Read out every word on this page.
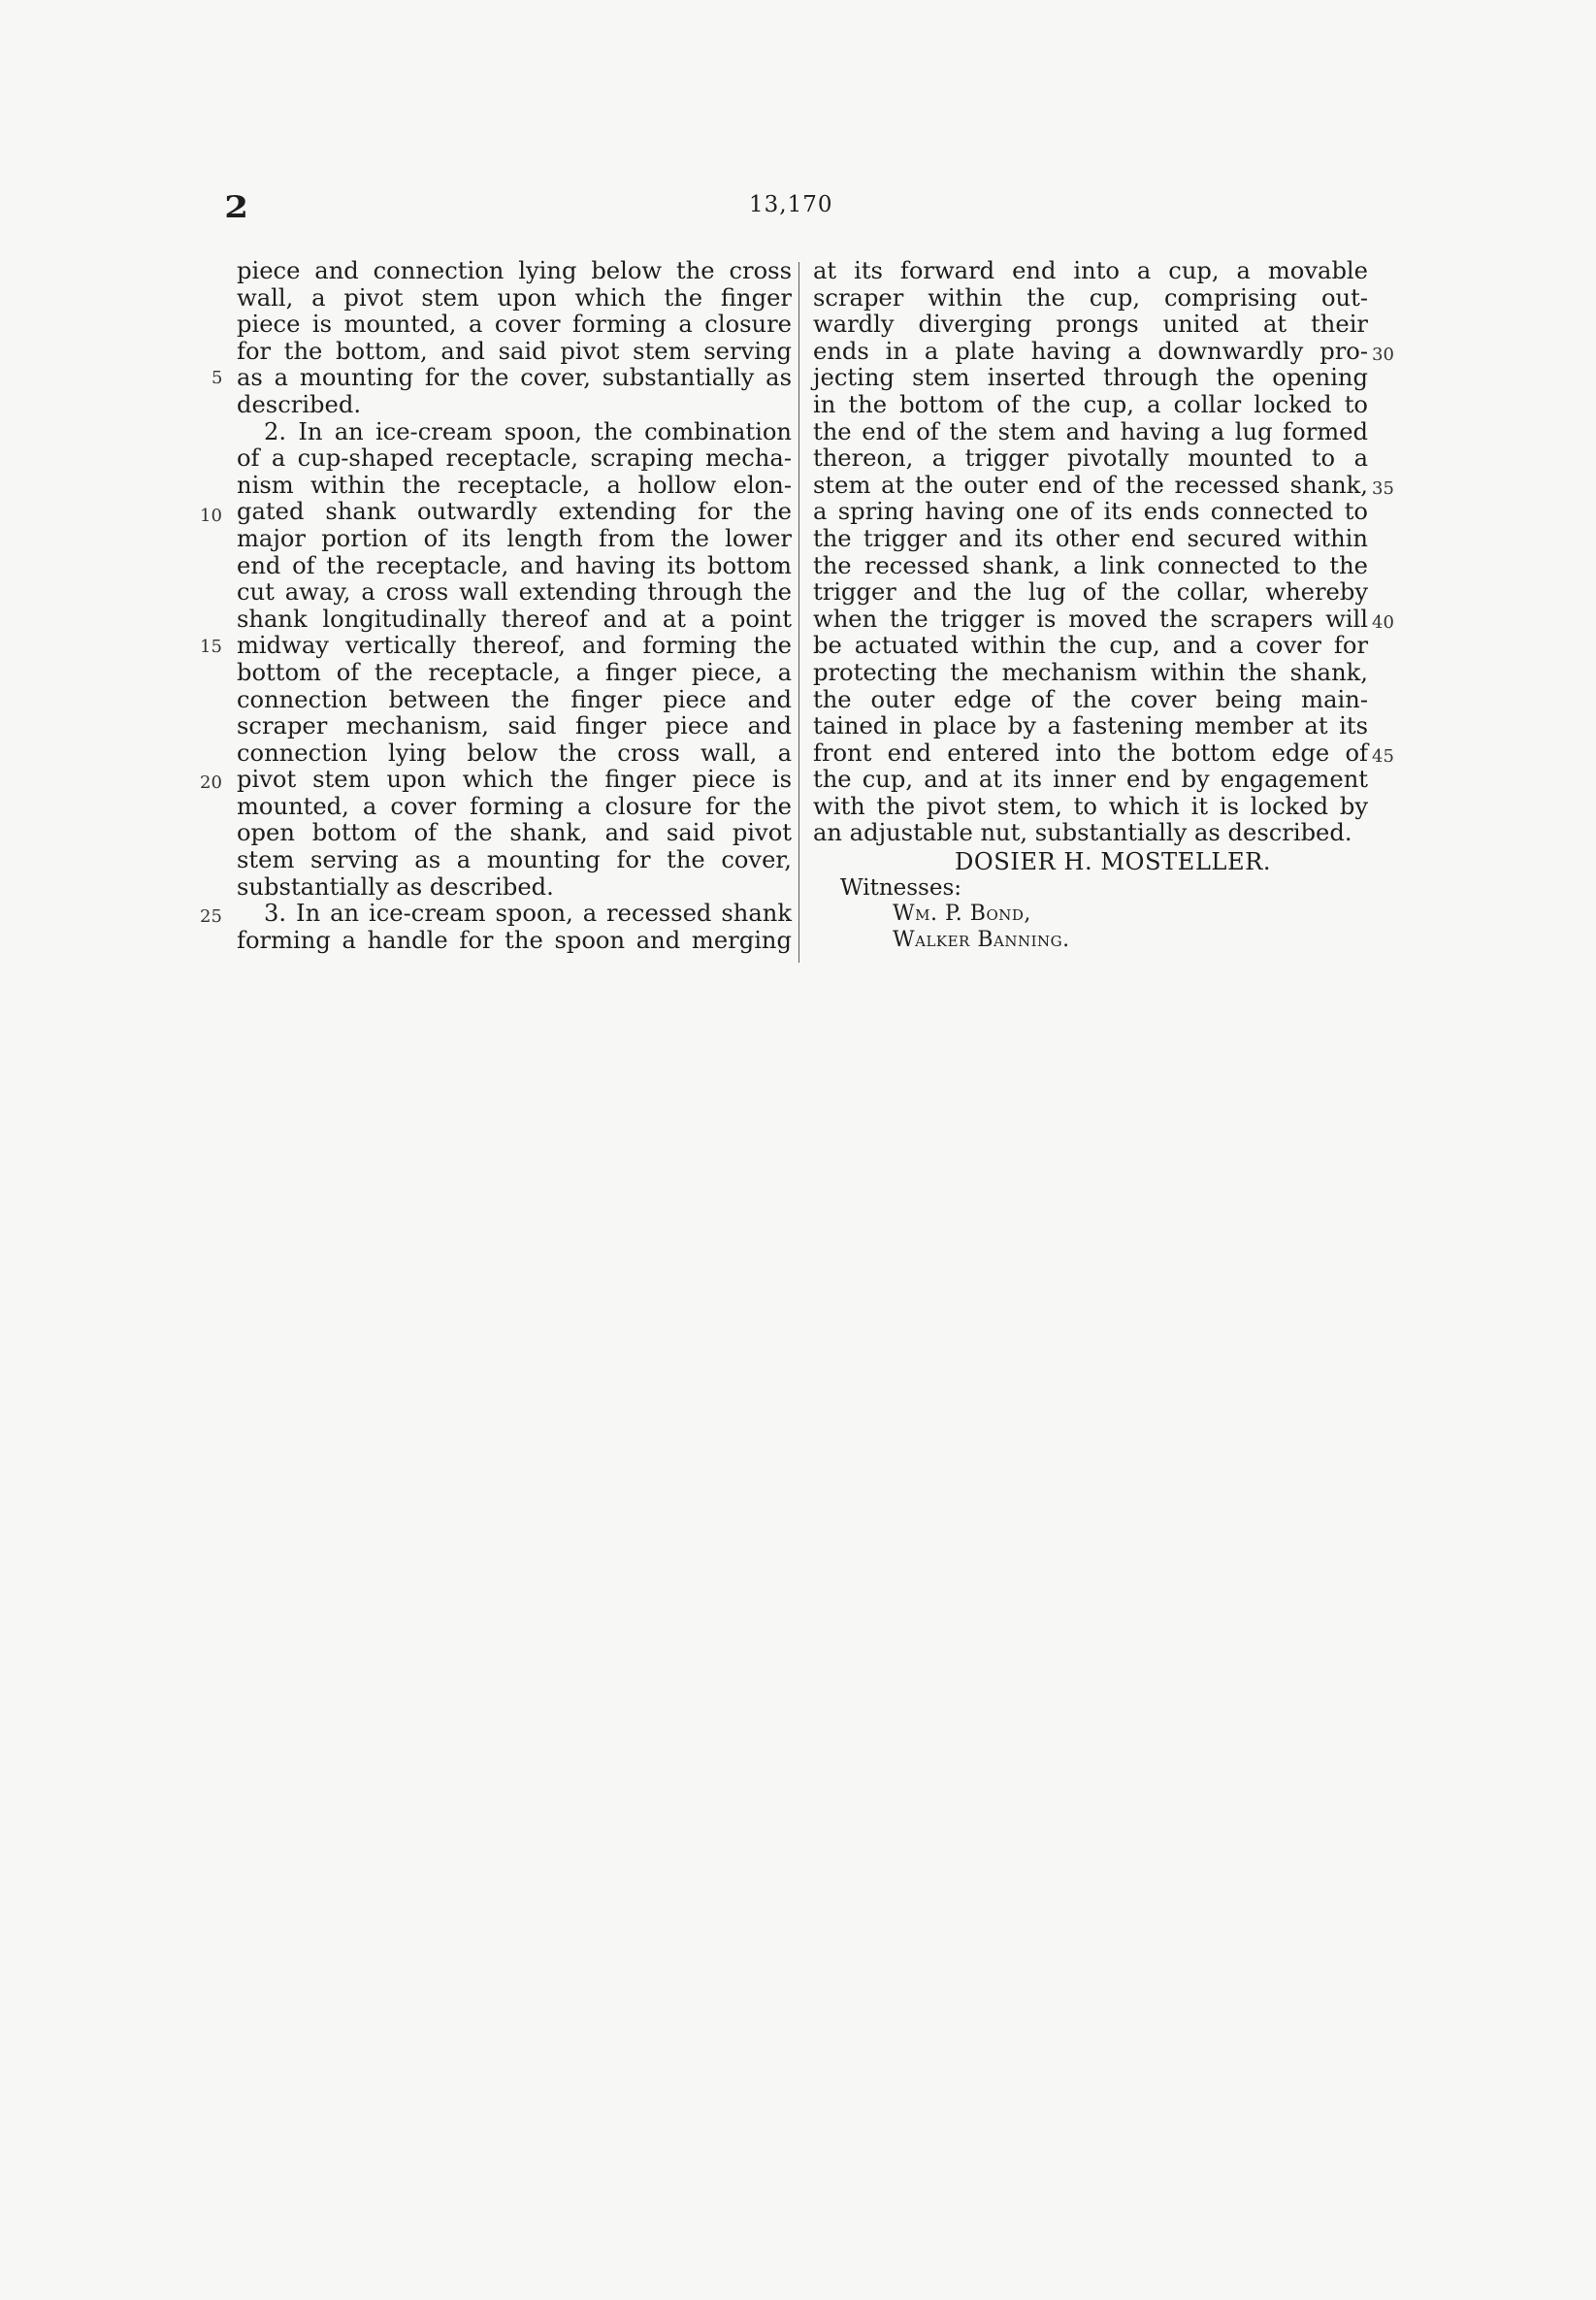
2	13,170
piece and connection lying below the cross
wall, a pivot stem upon which the finger
piece is mounted, a cover forming a closure
for the bottom, and said pivot stem serving
as a mounting for the cover, substantially as
described.
2. In an ice-cream spoon, the combination
of a cup-shaped receptacle, scraping mecha-
nism within the receptacle, a hollow elon-
gated shank outwardly extending for the
major portion of its length from the lower
end of the receptacle, and having its bottom
cut away, a cross wall extending through the
shank longitudinally thereof and at a point
midway vertically thereof, and forming the
bottom of the receptacle, a finger piece, a
connection between the finger piece and
scraper mechanism, said finger piece and
connection lying below the cross wall, a
pivot stem upon which the finger piece is
mounted, a cover forming a closure for the
open bottom of the shank, and said pivot
stem serving as a mounting for the cover,
substantially as described.
3. In an ice-cream spoon, a recessed shank
forming a handle for the spoon and merging
at its forward end into a cup, a movable
scraper within the cup, comprising out-
wardly diverging prongs united at their
ends in a plate having a downwardly pro-
jecting stem inserted through the opening
in the bottom of the cup, a collar locked to
the end of the stem and having a lug formed
thereon, a trigger pivotally mounted to a
stem at the outer end of the recessed shank,
a spring having one of its ends connected to
the trigger and its other end secured within
the recessed shank, a link connected to the
trigger and the lug of the collar, whereby
when the trigger is moved the scrapers will
be actuated within the cup, and a cover for
protecting the mechanism within the shank,
the outer edge of the cover being main-
tained in place by a fastening member at its
front end entered into the bottom edge of
the cup, and at its inner end by engagement
with the pivot stem, to which it is locked by
an adjustable nut, substantially as described.
5
10
15
20
25
30
35
40
45
DOSIER H. MOSTELLER.
Witnesses:
Wm. P. Bond,
Walker Banning.
